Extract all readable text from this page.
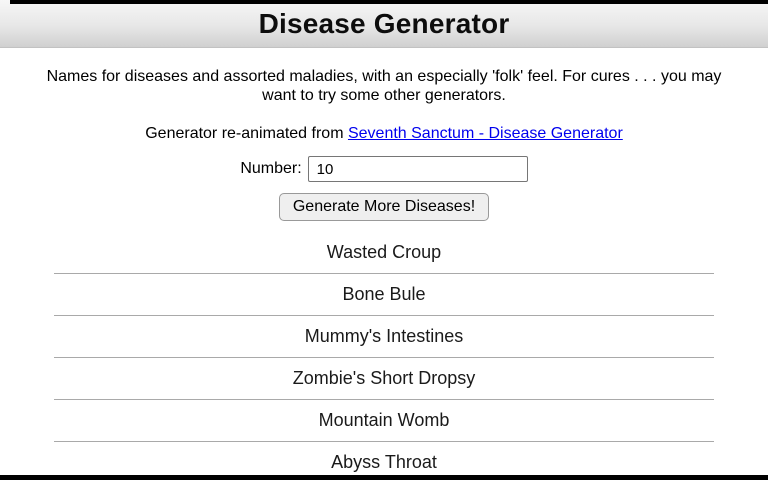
Disease Generator
Names for diseases and assorted maladies, with an especially 'folk' feel. For cures . . . you may
want to try some other generators.
Generator re-animated from Seventh Sanctum - Disease Generator
Number:
10
Generate More Diseases!
Wasted Croup
Bone Bule
Mummy's Intestines
Zombie's Short Dropsy
Mountain Womb
Abyss Throat
